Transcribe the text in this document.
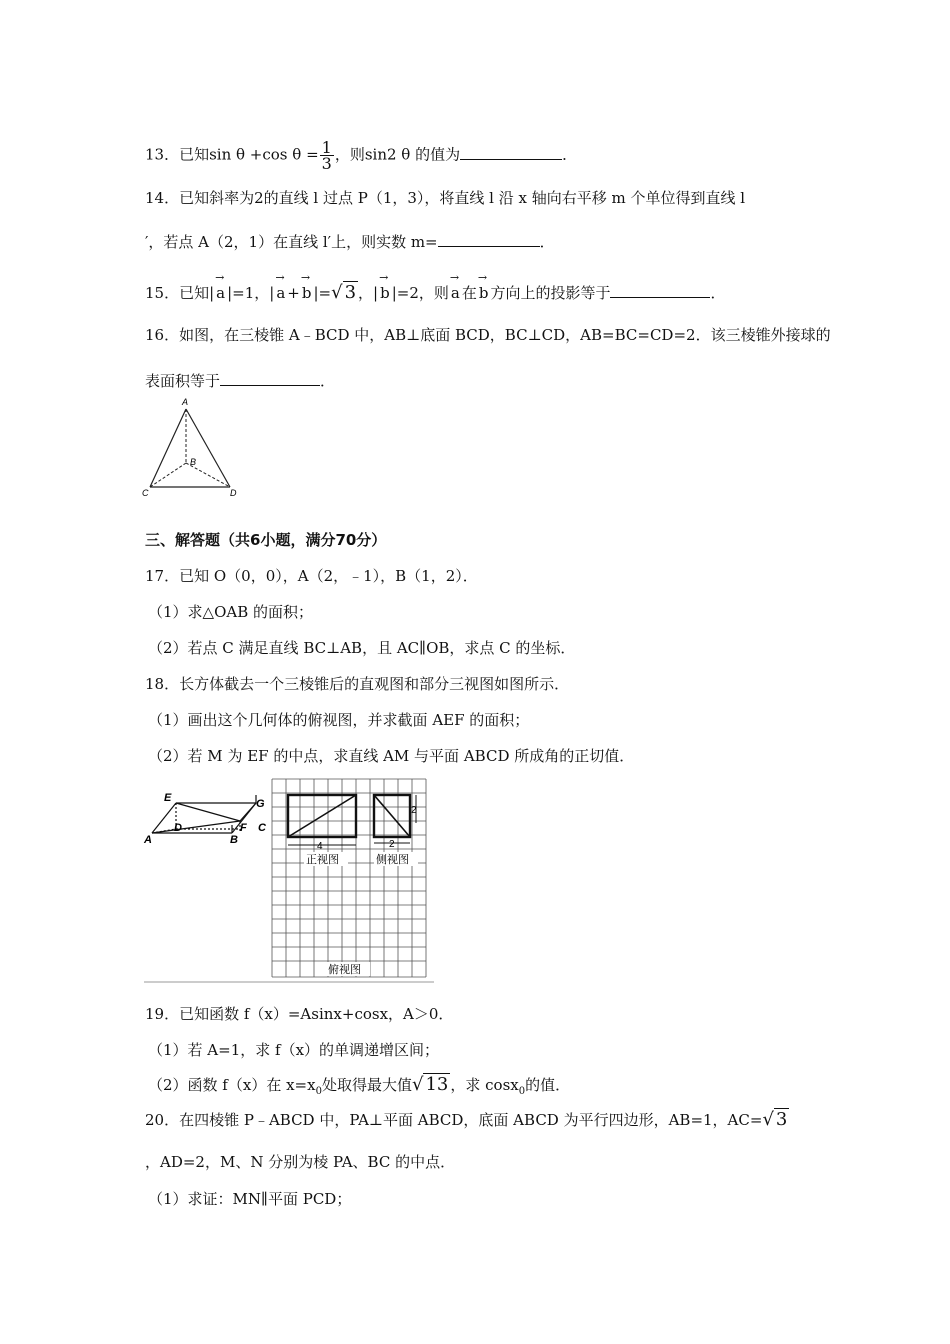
13．已知sin θ +cos $\theta = \frac{1}{3}$ ，则sin2 θ 的值为	．
14．已知斜率为2的直线 l 过点 P（1，3），将直线 l 沿 x 轴向右平移 m 个单位得到直线 l
′，若点 A（2，1）在直线 l′上，则实数 m=	．
15．已知| → a |=1，| → a + → b |=√ 3 ，| → b |=2，则 → a 在 → b 方向上的投影等于	．
16．如图，在三棱锥 A﹣BCD 中，AB⊥底面 BCD，BC⊥CD，AB=BC=CD=2．该三棱锥外接球的
表面积等于	．
A
B
C	D
三、解答题（共6小题，满分70分）
17．已知 O（0，0），A（2，﹣1），B（1，2）．
（1）求△OAB 的面积；
（2）若点 C 满足直线 BC⊥AB，且 AC∥OB，求点 C 的坐标．
18．长方体截去一个三棱锥后的直观图和部分三视图如图所示．
（1）画出这个几何体的俯视图，并求截面 AEF 的面积；
（2）若 M 为 EF 的中点，求直线 AM 与平面 ABCD 所成角的正切值．
4
2
2
正视图	侧视图
俯视图
E	G
D	F C
A	B
19．已知函数 f（x）=Asinx+cosx，A＞0．
（1）若 A=1，求 f（x）的单调递增区间；
（2）函数 f（x）在 $x=x_0$处取得最大值√ 13 ，求 cosx$_0$的值．
20．在四棱锥 P﹣ABCD 中，PA⊥平面 ABCD，底面 ABCD 为平行四边形，AB=1，AC=√ 3
，AD=2，M、N 分别为棱 PA、BC 的中点．
（1）求证：MN∥平面 PCD；
